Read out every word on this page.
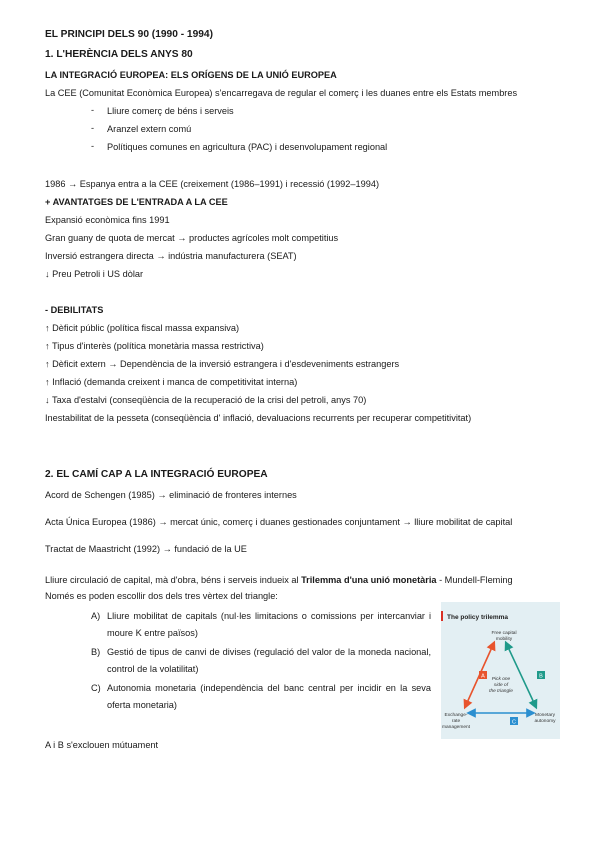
EL PRINCIPI DELS 90 (1990 - 1994)
1. L'HERÈNCIA DELS ANYS 80
LA INTEGRACIÓ EUROPEA: ELS ORÍGENS DE LA UNIÓ EUROPEA
La CEE (Comunitat Econòmica Europea) s'encarregava de regular el comerç i les duanes entre els Estats membres
- Lliure comerç de béns i serveis
- Aranzel extern comú
- Polítiques comunes en agricultura (PAC) i desenvolupament regional
1986 → Espanya entra a la CEE (creixement (1986–1991) i recessió (1992–1994)
+ AVANTATGES DE L'ENTRADA A LA CEE
Expansió econòmica fins 1991
Gran guany de quota de mercat → productes agrícoles molt competitius
Inversió estrangera directa → indústria manufacturera (SEAT)
↓ Preu Petroli i US dòlar
- DEBILITATS
↑ Dèficit públic (política fiscal massa expansiva)
↑ Tipus d'interès (política monetària massa restrictiva)
↑ Dèficit extern → Dependència de la inversió estrangera i d'esdeveniments estrangers
↑ Inflació (demanda creixent i manca de competitivitat interna)
↓ Taxa d'estalvi (conseqüència de la recuperació de la crisi del petroli, anys 70)
Inestabilitat de la pesseta (conseqüència d' inflació, devaluacions recurrents per recuperar competitivitat)
2. EL CAMÍ CAP A LA INTEGRACIÓ EUROPEA
Acord de Schengen (1985) → eliminació de fronteres internes
Acta Única Europea (1986) → mercat únic, comerç i duanes gestionades conjuntament → lliure mobilitat de capital
Tractat de Maastricht (1992) → fundació de la UE
Lliure circulació de capital, mà d'obra, béns i serveis indueix al Trilemma d'una unió monetària - Mundell-Fleming
Només es poden escollir dos dels tres vèrtex del triangle:
A) Lliure mobilitat de capitals (nul·les limitacions o comissions per intercanviar i moure K entre països)
B) Gestió de tipus de canvi de divises (regulació del valor de la moneda nacional, control de la volatilitat)
C) Autonomia monetaria (independència del banc central per incidir en la seva oferta monetaria)
A i B s'exclouen mútuament
The policy trilemma
A	B
C
Free capital
mobility
Exchange-
rate
management
Monetary
autonomy
Pick one
side of
the triangle
